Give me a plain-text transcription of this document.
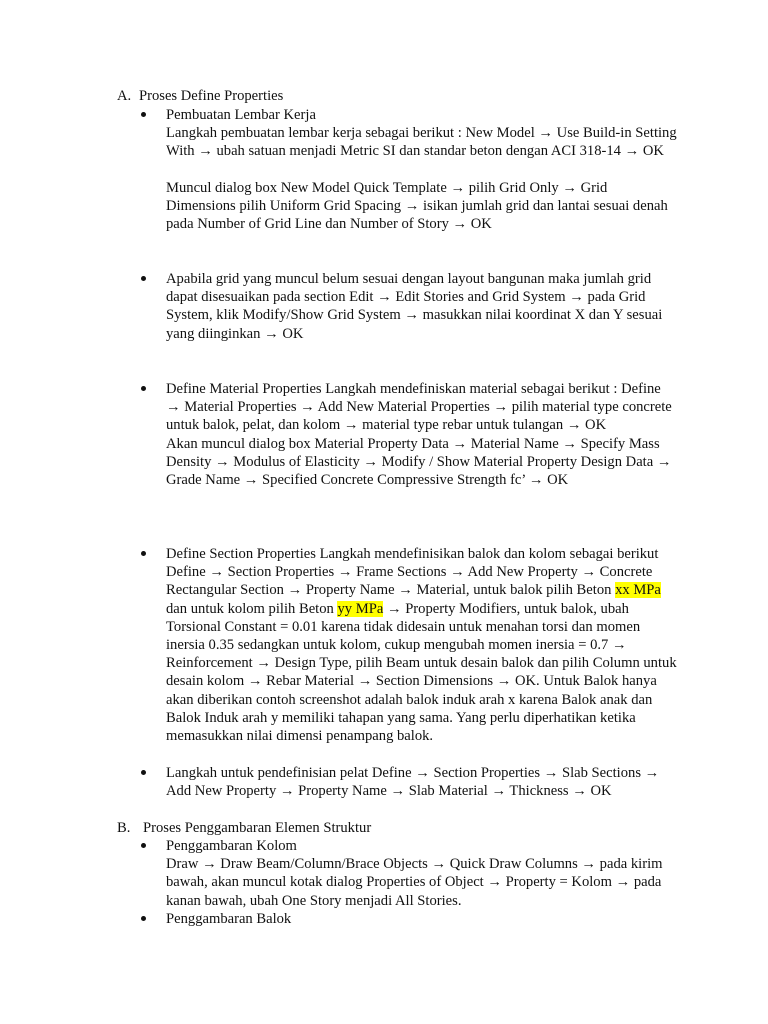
A. Proses Define Properties

Pembuatan Lembar Kerja

Langkah pembuatan lembar kerja sebagai berikut : New Model → Use Build-in Setting With → ubah satuan menjadi Metric SI dan standar beton dengan ACI 318-14 → OK

Muncul dialog box New Model Quick Template → pilih Grid Only → Grid Dimensions pilih Uniform Grid Spacing → isikan jumlah grid dan lantai sesuai denah pada Number of Grid Line dan Number of Story → OK

Apabila grid yang muncul belum sesuai dengan layout bangunan maka jumlah grid dapat disesuaikan pada section Edit → Edit Stories and Grid System → pada Grid System, klik Modify/Show Grid System → masukkan nilai koordinat X dan Y sesuai yang diinginkan → OK

Define Material Properties Langkah mendefiniskan material sebagai berikut : Define → Material Properties → Add New Material Properties → pilih material type concrete untuk balok, pelat, dan kolom → material type rebar untuk tulangan → OK

Akan muncul dialog box Material Property Data → Material Name → Specify Mass Density → Modulus of Elasticity → Modify / Show Material Property Design Data → Grade Name → Specified Concrete Compressive Strength fc’ → OK

Define Section Properties Langkah mendefinisikan balok dan kolom sebagai berikut Define → Section Properties → Frame Sections → Add New Property → Concrete Rectangular Section → Property Name → Material, untuk balok pilih Beton xx MPa dan untuk kolom pilih Beton yy MPa → Property Modifiers, untuk balok, ubah Torsional Constant = 0.01 karena tidak didesain untuk menahan torsi dan momen inersia 0.35 sedangkan untuk kolom, cukup mengubah momen inersia = 0.7 → Reinforcement → Design Type, pilih Beam untuk desain balok dan pilih Column untuk desain kolom → Rebar Material → Section Dimensions → OK. Untuk Balok hanya akan diberikan contoh screenshot adalah balok induk arah x karena Balok anak dan Balok Induk arah y memiliki tahapan yang sama. Yang perlu diperhatikan ketika memasukkan nilai dimensi penampang balok.

Langkah untuk pendefinisian pelat Define → Section Properties → Slab Sections → Add New Property → Property Name → Slab Material → Thickness → OK

B. Proses Penggambaran Elemen Struktur

Penggambaran Kolom

Draw → Draw Beam/Column/Brace Objects → Quick Draw Columns → pada kirim bawah, akan muncul kotak dialog Properties of Object → Property = Kolom → pada kanan bawah, ubah One Story menjadi All Stories.

Penggambaran Balok
